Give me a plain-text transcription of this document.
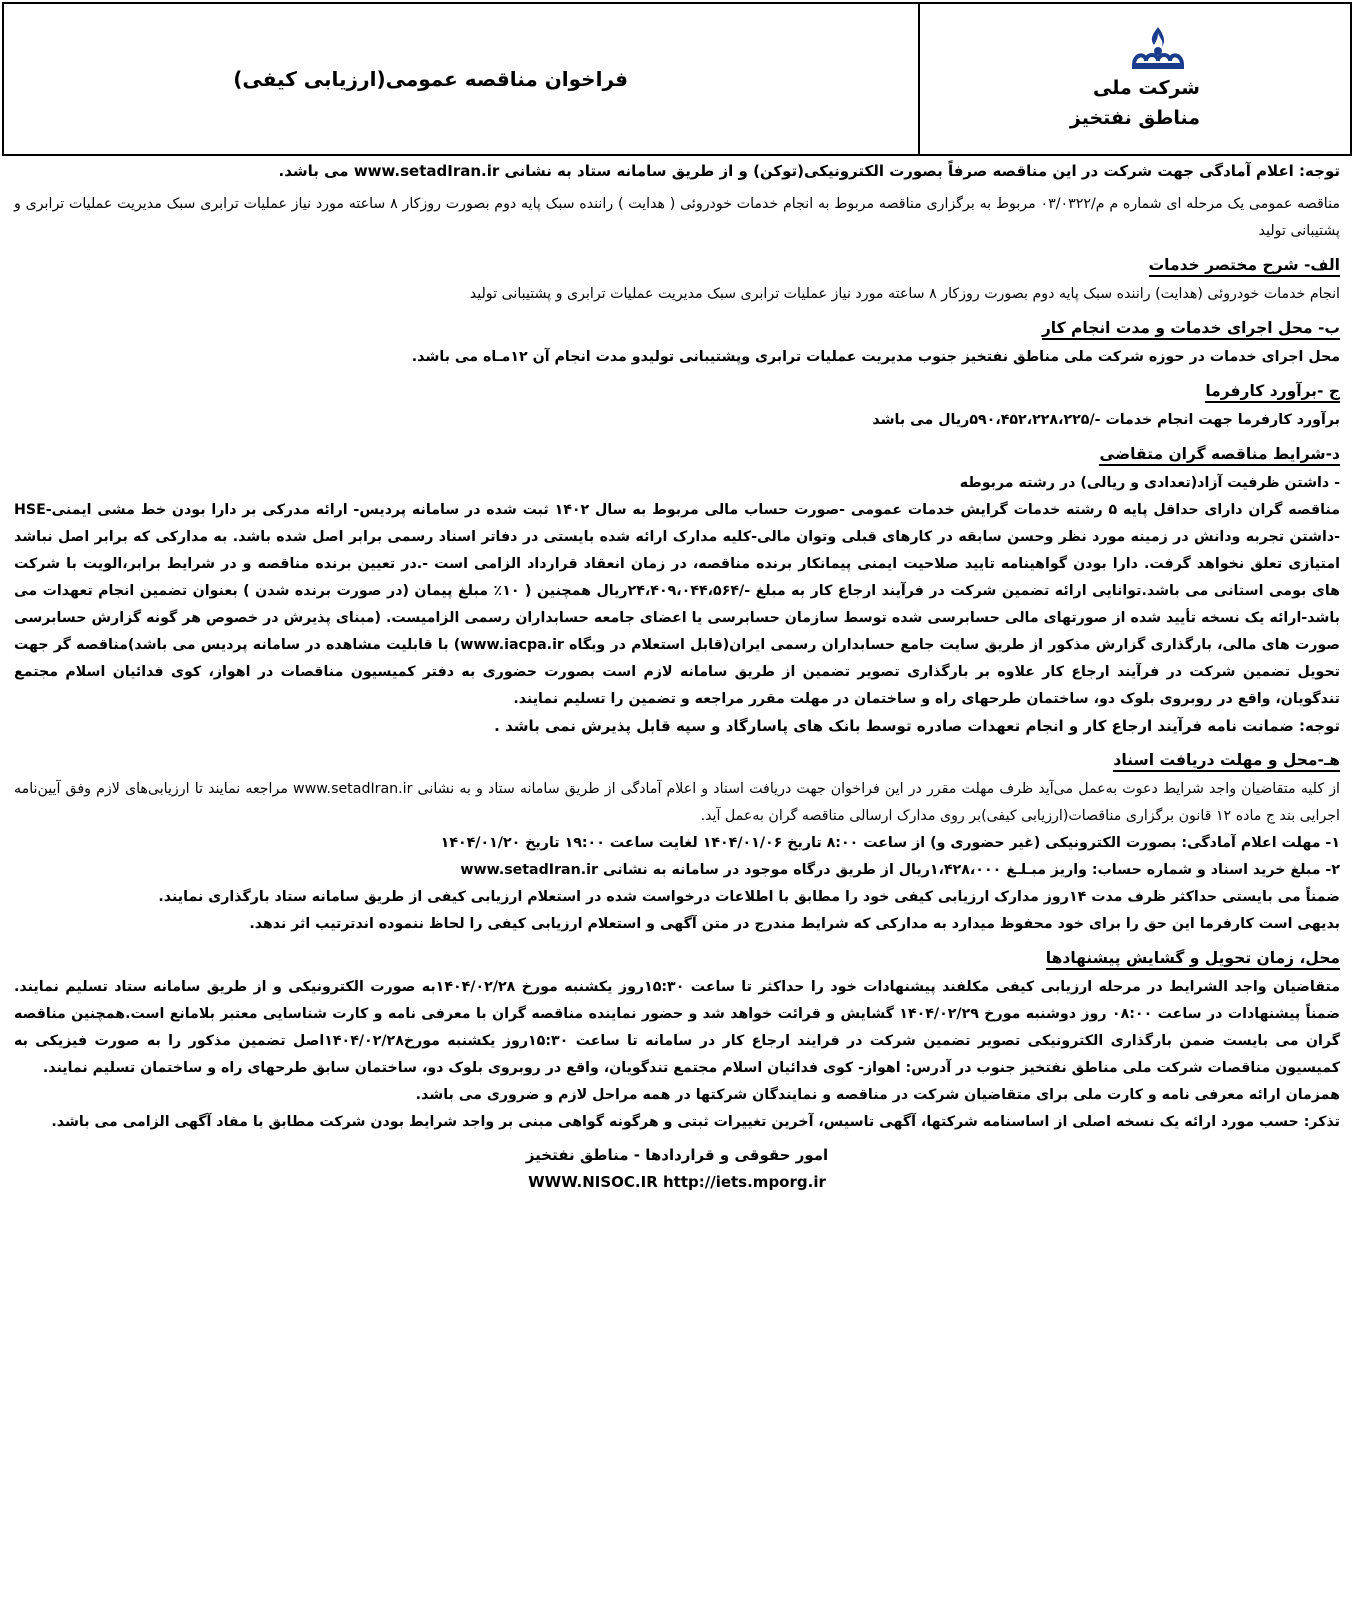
شرکت ملی
مناطق نفتخیز
فراخوان مناقصه عمومی(ارزیابی کیفی)

توجه: اعلام آمادگی جهت شرکت در این مناقصه صرفاً بصورت الکترونیکی(توکن) و از طریق سامانه ستاد به نشانی www.setadIran.ir می باشد.

مناقصه عمومی یک مرحله ای شماره م م/۰۳/۰۳۲۲ مربوط به برگزاری مناقصه مربوط به انجام خدمات خودروئی ( هدایت ) راننده سبک پایه دوم بصورت روزکار ۸ ساعته مورد نیاز عملیات ترابری سبک مدیریت عملیات ترابری و پشتیبانی تولید

الف- شرح مختصر خدمات

انجام خدمات خودروئی (هدایت) راننده سبک پایه دوم بصورت روزکار ۸ ساعته مورد نیاز عملیات ترابری سبک مدیریت عملیات ترابری و پشتیبانی تولید

ب- محل اجرای خدمات و مدت انجام کار

محل اجرای خدمات در حوزه شرکت ملی مناطق نفتخیز جنوب مدیریت عملیات ترابری وپشتیبانی تولیدو مدت انجام آن ۱۲مـاه می باشد.

ج -برآورد کارفرما

برآورد کارفرما جهت انجام خدمات -/۵۹۰،۴۵۲،۲۲۸،۲۲۵ریال می باشد

د-شرایط مناقصه گران متقاضی

- داشتن ظرفیت آزاد(تعدادی و ریالی) در رشته مربوطه

مناقصه گران دارای حداقل پایه ۵ رشته خدمات گرایش خدمات عمومی -صورت حساب مالی مربوط به سال ۱۴۰۲ ثبت شده در سامانه پردیس- ارائه مدرکی بر دارا بودن خط مشی ایمنی-HSE -داشتن تجربه ودانش در زمینه مورد نظر وحسن سابقه در کارهای قبلی وتوان مالی-کلیه مدارک ارائه شده بایستی در دفاتر اسناد رسمی برابر اصل شده باشد. به مدارکی که برابر اصل نباشد امتیازی تعلق نخواهد گرفت. دارا بودن گواهینامه تایید صلاحیت ایمنی پیمانکار برنده مناقصه، در زمان انعقاد قرارداد الزامی است -.در تعیین برنده مناقصه و در شرایط برابر،الویت با شرکت های بومی استانی می باشد.توانایی ارائه تضمین شرکت در فرآیند ارجاع کار به مبلغ -/۲۴،۴۰۹،۰۴۴،۵۶۴ریال همچنین ( ۱۰٪ مبلغ پیمان (در صورت برنده شدن ) بعنوان تضمین انجام تعهدات می باشد-ارائه یک نسخه تأیید شده از صورتهای مالی حسابرسی شده توسط سازمان حسابرسی یا اعضای جامعه حسابداران رسمی الزامیست. (مبنای پذیرش در خصوص هر گونه گزارش حسابرسی صورت های مالی، بارگذاری گزارش مذکور از طریق سایت جامع حسابداران رسمی ایران(قابل استعلام در وبگاه www.iacpa.ir) با قابلیت مشاهده در سامانه پردیس می باشد)مناقصه گر جهت تحویل تضمین شرکت در فرآیند ارجاع کار علاوه بر بارگذاری تصویر تضمین از طریق سامانه لازم است بصورت حضوری به دفتر کمیسیون مناقصات در اهواز، کوی فدائیان اسلام مجتمع تندگویان، واقع در روبروی بلوک دو، ساختمان طرحهای راه و ساختمان در مهلت مقرر مراجعه و تضمین را تسلیم نمایند.

توجه: ضمانت نامه فرآیند ارجاع کار و انجام تعهدات صادره توسط بانک های پاسارگاد و سپه قابل پذیرش نمی باشد .

هـ-محل و مهلت دریافت اسناد

از کلیه متقاضیان واجد شرایط دعوت به‌عمل می‌آید ظرف مهلت مقرر در این فراخوان جهت دریافت اسناد و اعلام آمادگی از طریق سامانه ستاد و به نشانی www.setadIran.ir مراجعه نمایند تا ارزیابی‌های لازم وفق آیین‌نامه اجرایی بند ج ماده ۱۲ قانون برگزاری مناقصات(ارزیابی کیفی)بر روی مدارک ارسالی مناقصه گران به‌عمل آید.

۱- مهلت اعلام آمادگی: بصورت الکترونیکی (غیر حضوری و) از ساعت ۸:۰۰ تاریخ ۱۴۰۴/۰۱/۰۶ لغایت ساعت ۱۹:۰۰ تاریخ ۱۴۰۴/۰۱/۲۰

۲- مبلغ خرید اسناد و شماره حساب: واریز مبـلـغ ۱،۴۲۸،۰۰۰ریال از طریق درگاه موجود در سامانه به نشانی www.setadIran.ir

ضمناً می بایستی حداکثر ظرف مدت ۱۴روز مدارک ارزیابی کیفی خود را مطابق با اطلاعات درخواست شده در استعلام ارزیابی کیفی از طریق سامانه ستاد بارگذاری نمایند.

بدیهی است کارفرما این حق را برای خود محفوظ میدارد به مدارکی که شرایط مندرج در متن آگهی و استعلام ارزیابی کیفی را لحاظ ننموده اندترتیب اثر ندهد.

محل، زمان تحویل و گشایش پیشنهادها

متقاضیان واجد الشرایط در مرحله ارزیابی کیفی مکلفند پیشنهادات خود را حداکثر تا ساعت ۱۵:۳۰روز یکشنبه مورخ ۱۴۰۴/۰۲/۲۸به صورت الکترونیکی و از طریق سامانه ستاد تسلیم نمایند. ضمناً پیشنهادات در ساعت ۰۸:۰۰ روز دوشنبه مورخ ۱۴۰۴/۰۲/۲۹ گشایش و قرائت خواهد شد و حضور نماینده مناقصه گران با معرفی نامه و کارت شناسایی معتبر بلامانع است.همچنین مناقصه گران می بایست ضمن بارگذاری الکترونیکی تصویر تضمین شرکت در فرایند ارجاع کار در سامانه تا ساعت ۱۵:۳۰روز یکشنبه مورخ۱۴۰۴/۰۲/۲۸اصل تضمین مذکور را به صورت فیزیکی به کمیسیون مناقصات شرکت ملی مناطق نفتخیز جنوب در آدرس: اهواز- کوی فدائیان اسلام مجتمع تندگویان، واقع در روبروی بلوک دو، ساختمان سابق طرحهای راه و ساختمان تسلیم نمایند.

همزمان ارائه معرفی نامه و کارت ملی برای متقاضیان شرکت در مناقصه و نمایندگان شرکتها در همه مراحل لازم و ضروری می باشد.

تذکر: حسب مورد ارائه یک نسخه اصلی از اساسنامه شرکتها، آگهی تاسیس، آخرین تغییرات ثبتی و هرگونه گواهی مبنی بر واجد شرایط بودن شرکت مطابق با مفاد آگهی الزامی می باشد.

امور حقوقی و قراردادها - مناطق نفتخیز

WWW.NISOC.IR http://iets.mporg.ir
